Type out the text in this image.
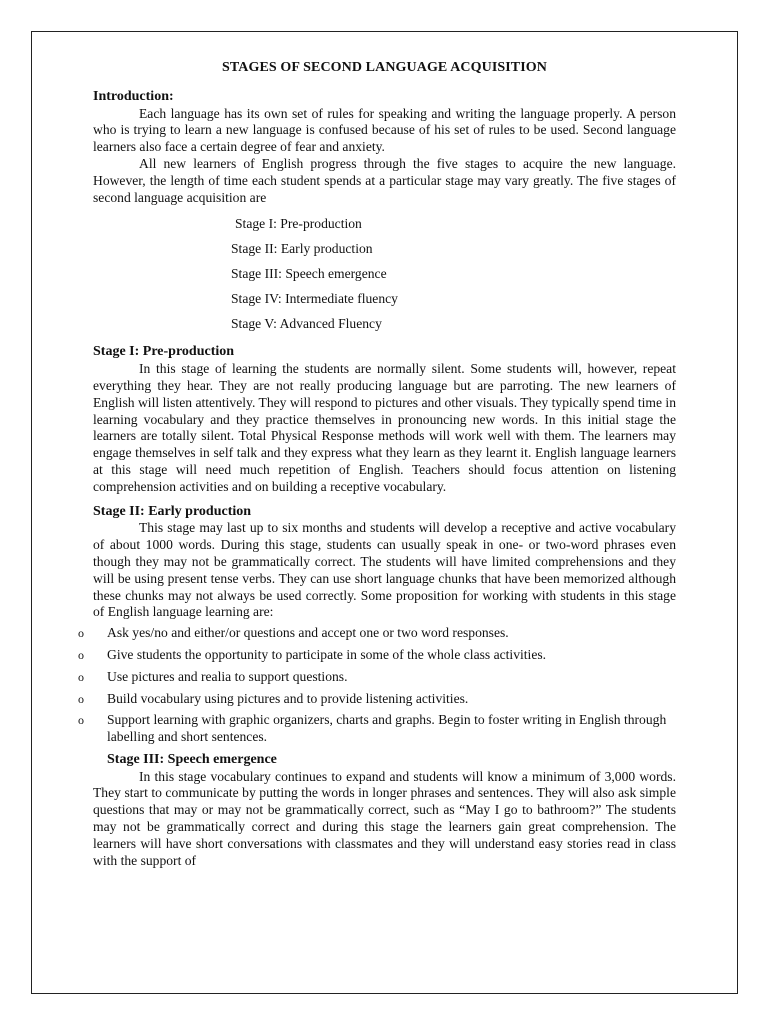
STAGES OF SECOND LANGUAGE ACQUISITION

Introduction:

Each language has its own set of rules for speaking and writing the language properly. A person who is trying to learn a new language is confused because of his set of rules to be used. Second language learners also face a certain degree of fear and anxiety.

All new learners of English progress through the five stages to acquire the new language. However, the length of time each student spends at a particular stage may vary greatly. The five stages of second language acquisition are

Stage I: Pre-production
Stage II: Early production
Stage III: Speech emergence
Stage IV: Intermediate fluency
Stage V: Advanced Fluency

Stage I: Pre-production

In this stage of learning the students are normally silent. Some students will, however, repeat everything they hear. They are not really producing language but are parroting. The new learners of English will listen attentively. They will respond to pictures and other visuals. They typically spend time in learning vocabulary and they practice themselves in pronouncing new words. In this initial stage the learners are totally silent. Total Physical Response methods will work well with them. The learners may engage themselves in self talk and they express what they learn as they learnt it. English language learners at this stage will need much repetition of English. Teachers should focus attention on listening comprehension activities and on building a receptive vocabulary.

Stage II: Early production

This stage may last up to six months and students will develop a receptive and active vocabulary of about 1000 words. During this stage, students can usually speak in one- or two-word phrases even though they may not be grammatically correct. The students will have limited comprehensions and they will be using present tense verbs. They can use short language chunks that have been memorized although these chunks may not always be used correctly. Some proposition for working with students in this stage of English language learning are:

o Ask yes/no and either/or questions and accept one or two word responses.
o Give students the opportunity to participate in some of the whole class activities.
o Use pictures and realia to support questions.
o Build vocabulary using pictures and to provide listening activities.
o Support learning with graphic organizers, charts and graphs. Begin to foster writing in English through labelling and short sentences.

Stage III: Speech emergence

In this stage vocabulary continues to expand and students will know a minimum of 3,000 words. They start to communicate by putting the words in longer phrases and sentences. They will also ask simple questions that may or may not be grammatically correct, such as “May I go to bathroom?” The students may not be grammatically correct and during this stage the learners gain great comprehension. The learners will have short conversations with classmates and they will understand easy stories read in class with the support of
